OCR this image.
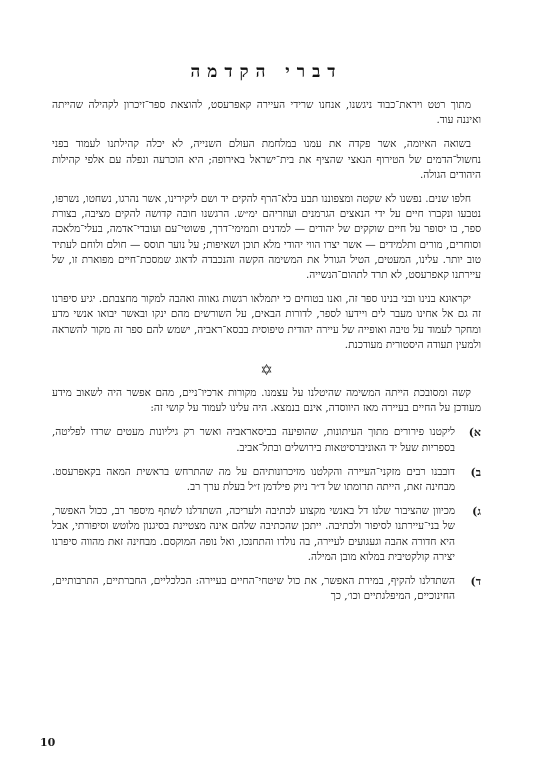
דברי הקדמה

מתוך רטט ויראת־כבוד ניגשנו, אנחנו שרידי העיירה קאפרעסט, להוצאת ספר־זיכרון לקהילה שהייתה ואיננה עוד.

בשואה האיומה, אשר פקדה את עמנו במלחמת העולם השנייה, לא יכלה קהילתנו לעמוד בפני נחשול־הדמים של הטירוף הנאצי שהציף את בית־ישראל באירופה; היא הוכרעה ונפלה עם אלפי קהילות היהודים הגולה.

חלפו שנים. נפשנו לא שקטה ומצפוננו תבע בלא־הרף להקים יד ושם ליקירינו, אשר נהרגו, נשחטו, נשרפו, נטבעו ונקברו חיים על ידי הנאצים הגרמנים ועוזריהם ימ״ש. הרגשנו חובה קדושה להקים מציבה, בצורת ספר, בו יסופר על חיים שוקקים של יהודים — למדנים ותמימי־דרך, פשוטי־עם ועובדי־אדמה, בעלי־מלאכה וסוחרים, מורים ותלמידים — אשר יצרו הווי יהודי מלא תוכן ושאיפות; על נוער תוסס — חולם ולוחם לעתיד טוב יותר. עלינו, המעטים, הטיל הגורל את המשימה הקשה והנכבדה לדאוג שמסכת־חיים מפוארת זו, של עיירתנו קאפרעסט, לא תרד לתהום־הנשייה.

יקראוּנא בנינו ובני בנינו ספר זה, ואנו בטוחים כי יתמלאו רגשות גאווה ואהבה למקור מחצבתם. יגיע סיפרנו זה גם אל אחינו מעבר לים ויידעו לספר, לדורות הבאים, על השורשים מהם ינקו ובאשר יבואו אנשי מדע ומחקר לעמוד על טיבה ואופייה של עיירה יהודית טיפוסית בבסא־ראביה, ישמש להם ספר זה מקור להשראה ולמעין תעודה היסטורית מעודכנת.

✡

קשה ומסובכת הייתה המשימה שהיטלנו על עצמנו. מקורות ארכיו־ניים, מהם אפשר היה לשאוב מידע מעודכן על החיים בעיירה מאז היווסדה, אינם בנמצא. היה עלינו לעמוד על קושי זה:

א)
ליקטנו פירורים מתוך העיתונות, שהופיעה בביסאראביה ואשר רק גיליונות מעטים שרדו לפליטה, בספריות שעל יד האוניברסיטאות בירושלים ובתל־אביב.
ב)
דובבנו רבים מזקני־העיירה והקלטנו מזיכרונותיהם על מה שהתרחש בראשית המאה בקאפרעסט. מבחינה זאת, הייתה תרומתו של ד״ר ניוק פילדמן ז״ל בעלת ערך רב.
ג)
מכיוון שהציבור שלנו דל באנשי מקצוע לכתיבה ולעריכה, השתדלנו לשתף מיספר רב, ככול האפשר, של בני־עיירתנו לסיפור ולכתיבה. ייתכן שהכתיבה שלהם אינה מצטיינת בסיגנון מלוטש וסיפורתי, אבל היא חדורה אהבה וגעגועים לעיירה, בה נולדו והתחנכו, ואל נופה המוקסם. מבחינה זאת מהווה סיפרנו יצירה קולקטיבית במלוא מובן המילה.
ד)
השתדלנו להקיף, במידת האפשר, את כול שיטחי־החיים בעיירה: הכלכליים, החברתיים, התרבותיים, החינוכיים, המיפלגתיים וכו׳, כך
10
